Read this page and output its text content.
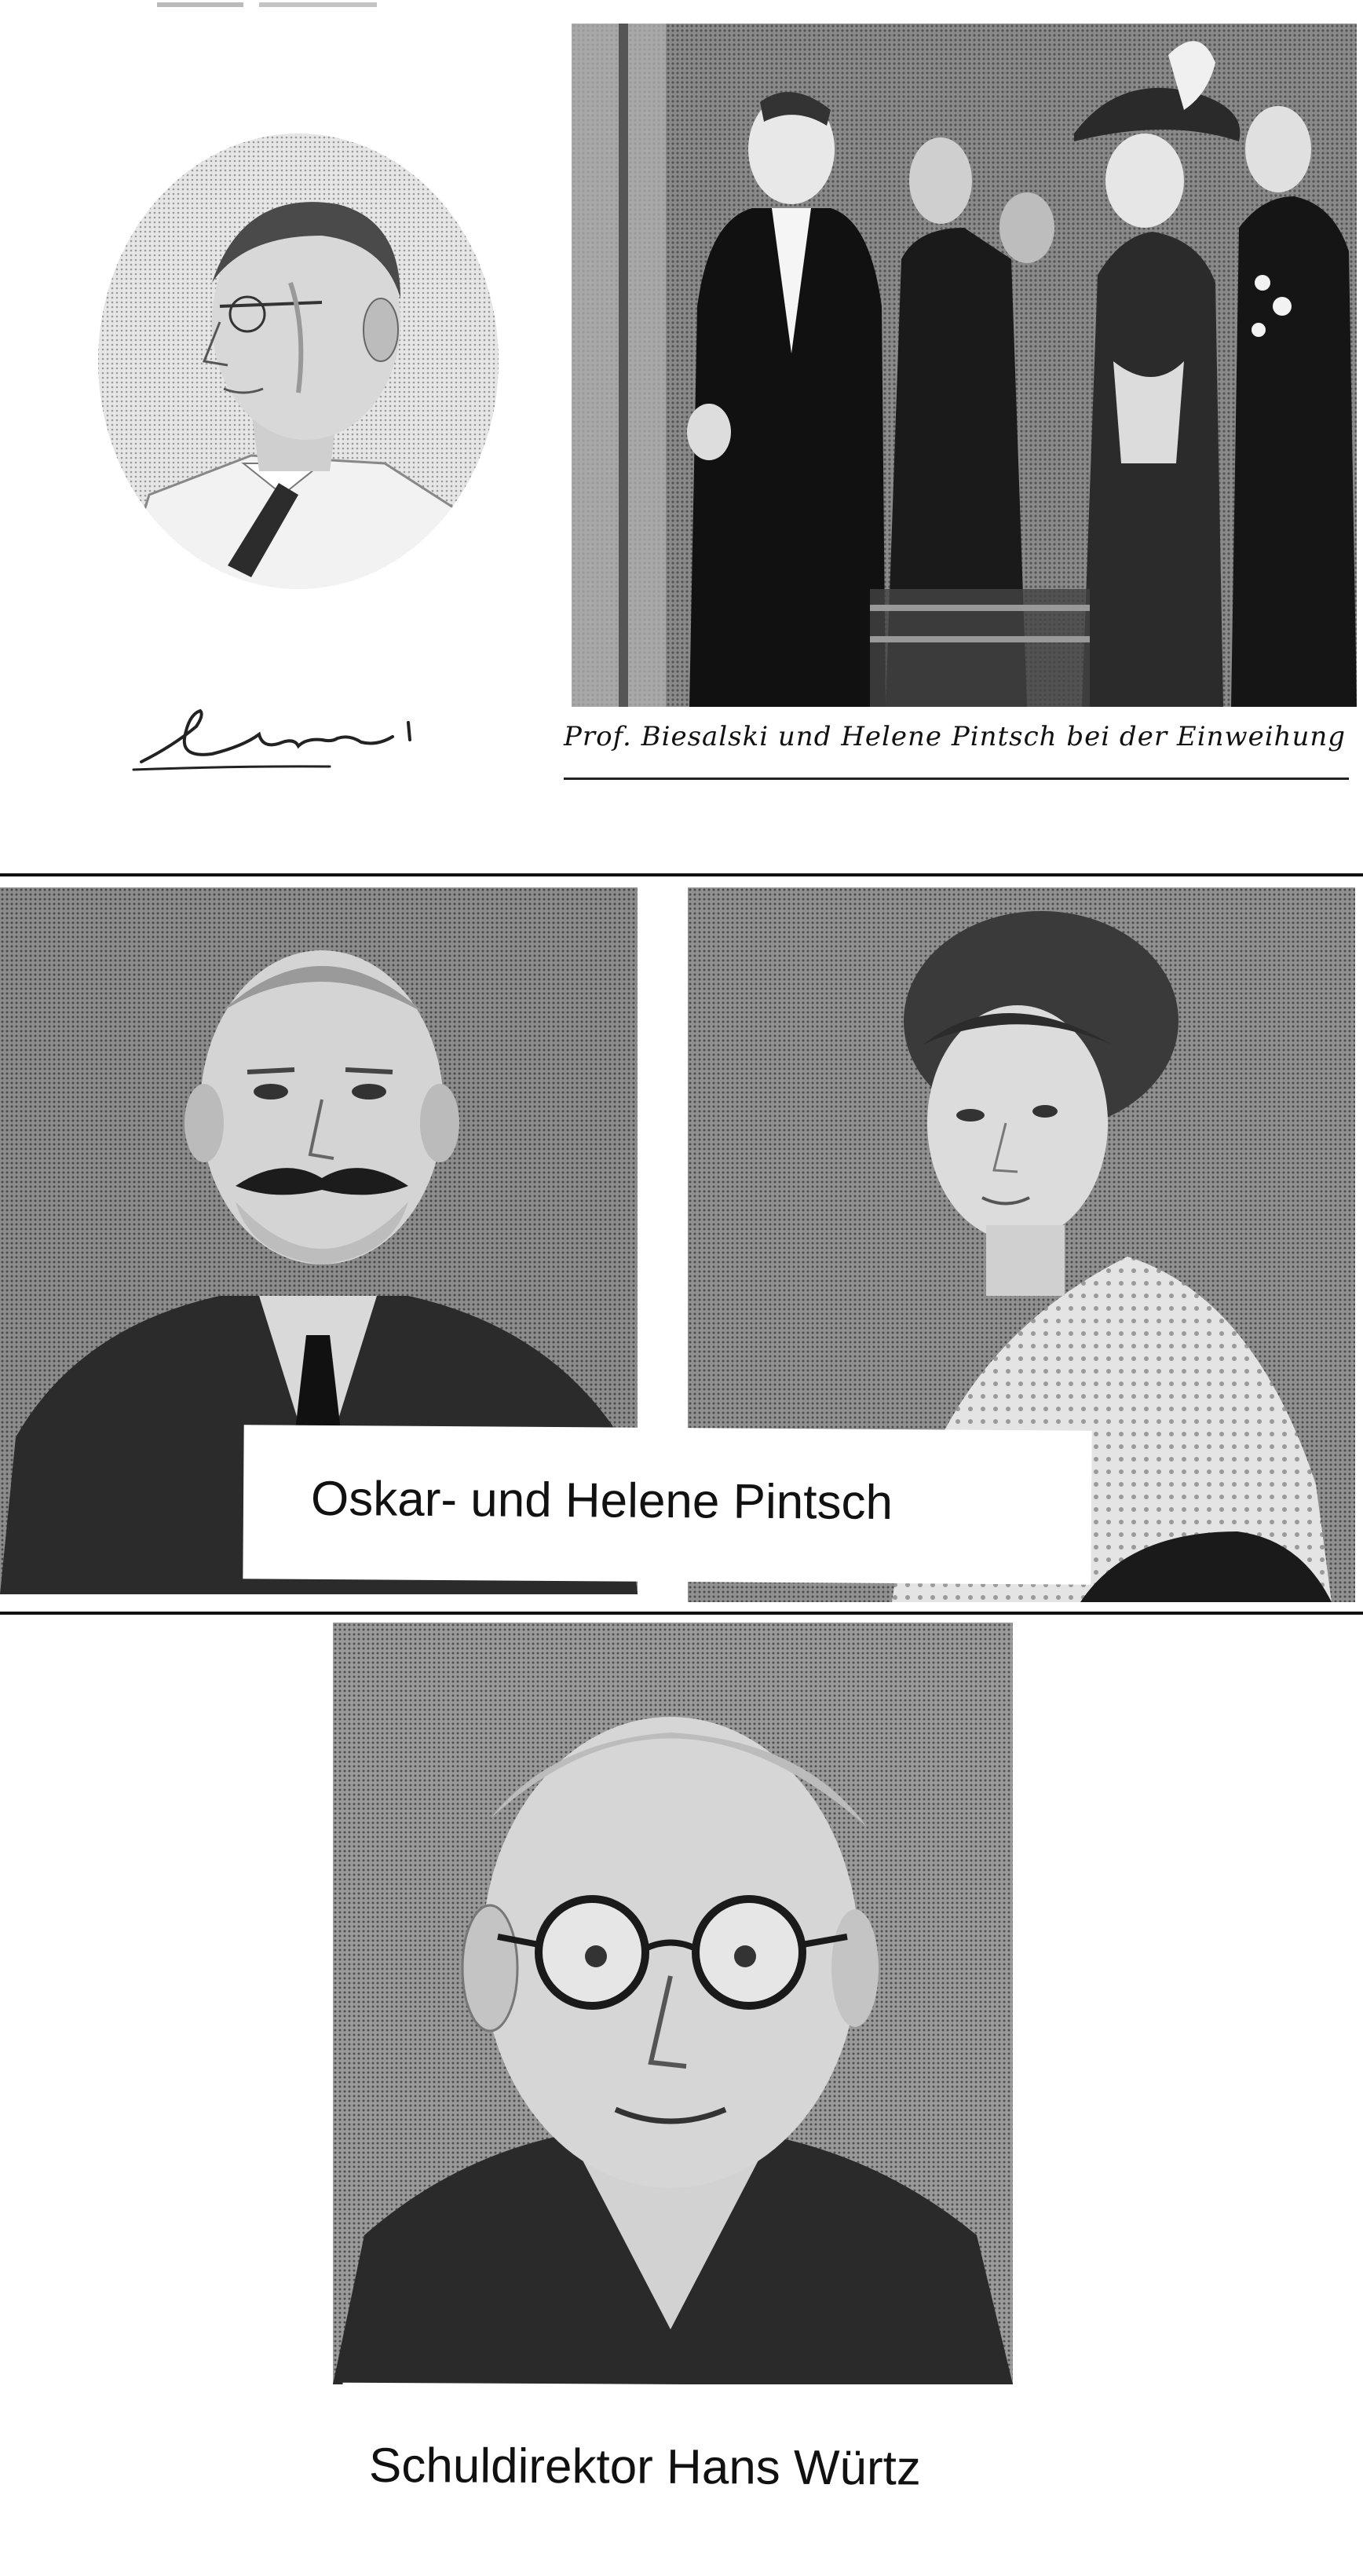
Prof. Biesalski und Helene Pintsch bei der Einweihung
Oskar- und Helene Pintsch
Schuldirektor Hans Würtz
